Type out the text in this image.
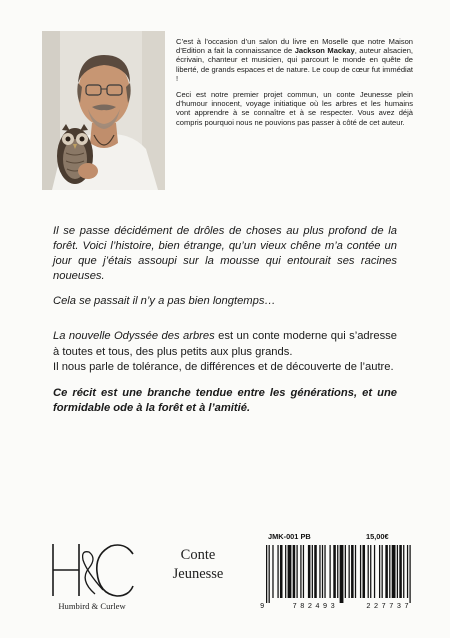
C’est à l’occasion d’un salon du livre en Moselle que notre Maison d’Edition a fait la connaissance de Jackson Mackay, auteur alsacien, écrivain, chanteur et musicien, qui parcourt le monde en quête de liberté, de grands espaces et de nature. Le coup de cœur fut immédiat !

Ceci est notre premier projet commun, un conte Jeunesse plein d’humour innocent, voyage initiatique où les arbres et les humains vont apprendre à se connaître et à se respecter. Vous avez déjà compris pourquoi nous ne pouvions pas passer à côté de cet auteur.

Il se passe décidément de drôles de choses au plus profond de la forêt. Voici l’histoire, bien étrange, qu’un vieux chêne m’a contée un jour que j’étais assoupi sur la mousse qui entourait ses racines noueuses.

Cela se passait il n’y a pas bien longtemps…

La nouvelle Odyssée des arbres est un conte moderne qui s’adresse à toutes et tous, des plus petits aux plus grands.

Il nous parle de tolérance, de différences et de découverte de l’autre.

Ce récit est une branche tendue entre les générations, et une formidable ode à la forêt et à l’amitié.

Humbird & Curlew
Conte
Jeunesse
JMK-001 PB	15,00€
9	782493	227737
